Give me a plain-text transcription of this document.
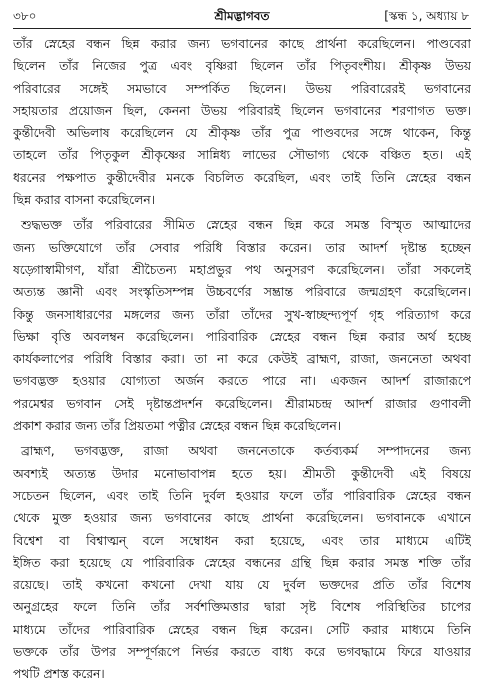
৩৮০	শ্রীমদ্ভাগবত	[স্কন্ধ ১, অধ্যায় ৮
তাঁর স্নেহের বন্ধন ছিন্ন করার জন্য ভগবানের কাছে প্রার্থনা করেছিলেন। পাণ্ডবেরা
ছিলেন তাঁর নিজের পুত্র এবং বৃষ্ণিরা ছিলেন তাঁর পিতৃবংশীয়। শ্রীকৃষ্ণ উভয়
পরিবারের সঙ্গেই সমভাবে সম্পর্কিত ছিলেন। উভয় পরিবারেরই ভগবানের
সহায়তার প্রয়োজন ছিল, কেননা উভয় পরিবারই ছিলেন ভগবানের শরণাগত ভক্ত।
কুন্তীদেবী অভিলাষ করেছিলেন যে শ্রীকৃষ্ণ তাঁর পুত্র পাণ্ডবদের সঙ্গে থাকেন, কিন্তু
তাহলে তাঁর পিতৃকুল শ্রীকৃষ্ণের সান্নিধ্য লাভের সৌভাগ্য থেকে বঞ্চিত হত। এই
ধরনের পক্ষপাত কুন্তীদেবীর মনকে বিচলিত করেছিল, এবং তাই তিনি স্নেহের বন্ধন
ছিন্ন করার বাসনা করেছিলেন।
শুদ্ধভক্ত তাঁর পরিবারের সীমিত স্নেহের বন্ধন ছিন্ন করে সমস্ত বিস্মৃত আত্মাদের
জন্য ভক্তিযোগে তাঁর সেবার পরিধি বিস্তার করেন। তার আদর্শ দৃষ্টান্ত হচ্ছেন
ষড়্গোস্বামীগণ, যাঁরা শ্রীচৈতন্য মহাপ্রভুর পথ অনুসরণ করেছিলেন। তাঁরা সকলেই
অত্যন্ত জ্ঞানী এবং সংস্কৃতিসম্পন্ন উচ্চবর্ণের সম্ভ্রান্ত পরিবারে জন্মগ্রহণ করেছিলেন।
কিন্তু জনসাধারণের মঙ্গলের জন্য তাঁরা তাঁদের সুখ-স্বাচ্ছন্দ্যপূর্ণ গৃহ পরিত্যাগ করে
ভিক্ষা বৃত্তি অবলম্বন করেছিলেন। পারিবারিক স্নেহের বন্ধন ছিন্ন করার অর্থ হচ্ছে
কার্যকলাপের পরিধি বিস্তার করা। তা না করে কেউই ব্রাহ্মণ, রাজা, জননেতা অথবা
ভগবদ্ভক্ত হওয়ার যোগ্যতা অর্জন করতে পারে না। একজন আদর্শ রাজারূপে
পরমেশ্বর ভগবান সেই দৃষ্টান্তপ্রদর্শন করেছিলেন। শ্রীরামচন্দ্র আদর্শ রাজার গুণাবলী
প্রকাশ করার জন্য তাঁর প্রিয়তমা পত্নীর স্নেহের বন্ধন ছিন্ন করেছিলেন।
ব্রাহ্মণ, ভগবদ্ভক্ত, রাজা অথবা জননেতাকে কর্তব্যকর্ম সম্পাদনের জন্য
অবশ্যই অত্যন্ত উদার মনোভাবাপন্ন হতে হয়। শ্রীমতী কুন্তীদেবী এই বিষয়ে
সচেতন ছিলেন, এবং তাই তিনি দুর্বল হওয়ার ফলে তাঁর পারিবারিক স্নেহের বন্ধন
থেকে মুক্ত হওয়ার জন্য ভগবানের কাছে প্রার্থনা করেছিলেন। ভগবানকে এখানে
বিশ্বেশ বা বিশ্বাত্মন্ বলে সম্বোধন করা হয়েছে, এবং তার মাধ্যমে এটিই
ইঙ্গিত করা হয়েছে যে পারিবারিক স্নেহের বন্ধনের গ্রন্থি ছিন্ন করার সমস্ত শক্তি তাঁর
রয়েছে। তাই কখনো কখনো দেখা যায় যে দুর্বল ভক্তদের প্রতি তাঁর বিশেষ
অনুগ্রহের ফলে তিনি তাঁর সর্বশক্তিমত্তার দ্বারা সৃষ্ট বিশেষ পরিস্থিতির চাপের
মাধ্যমে তাঁদের পারিবারিক স্নেহের বন্ধন ছিন্ন করেন। সেটি করার মাধ্যমে তিনি
ভক্তকে তাঁর উপর সম্পূর্ণরূপে নির্ভর করতে বাধ্য করে ভগবদ্ধামে ফিরে যাওয়ার
পথটি প্রশস্ত করেন।
